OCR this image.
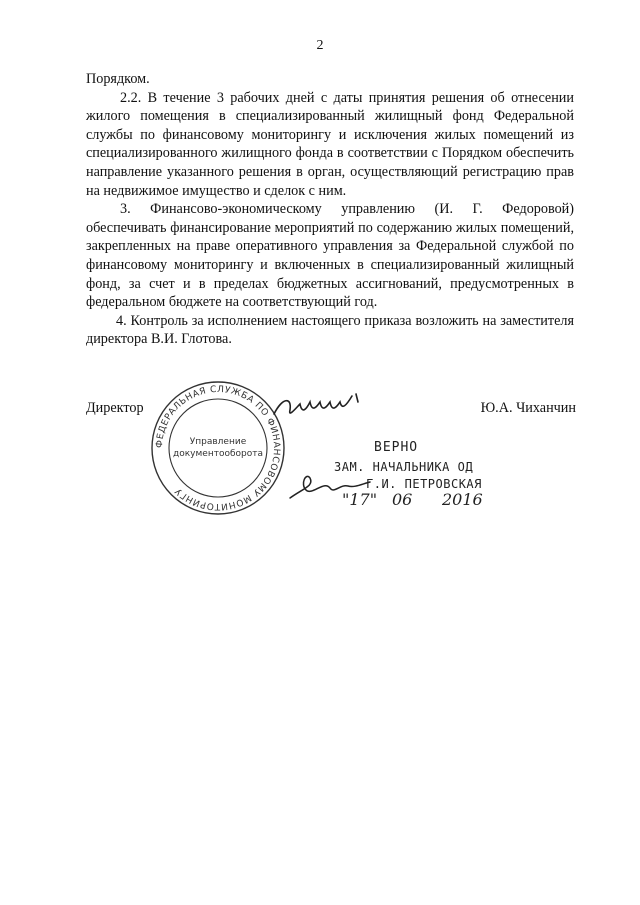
2

Порядком.

2.2. В течение 3 рабочих дней с даты принятия решения об отнесении жилого помещения в специализированный жилищный фонд Федеральной службы по финансовому мониторингу и исключения жилых помещений из специализированного жилищного фонда в соответствии с Порядком обеспечить направление указанного решения в орган, осуществляющий регистрацию прав на недвижимое имущество и сделок с ним.

3. Финансово-экономическому управлению (И. Г. Федоровой) обеспечивать финансирование мероприятий по содержанию жилых помещений, закрепленных на праве оперативного управления за Федеральной службой по финансовому мониторингу и включенных в специализированный жилищный фонд, за счет и в пределах бюджетных ассигнований, предусмотренных в федеральном бюджете на соответствующий год.

4. Контроль за исполнением настоящего приказа возложить на заместителя директора В.И. Глотова.

Директор	Ю.А. Чиханчин
ФЕДЕРАЛЬНАЯ СЛУЖБА ПО ФИНАНСОВОМУ МОНИТОРИНГУ
Управление
документооборота	ВЕРНО
ЗАМ. НАЧАЛЬНИКА ОД
Г.И. ПЕТРОВСКАЯ
"17" 06 2016
